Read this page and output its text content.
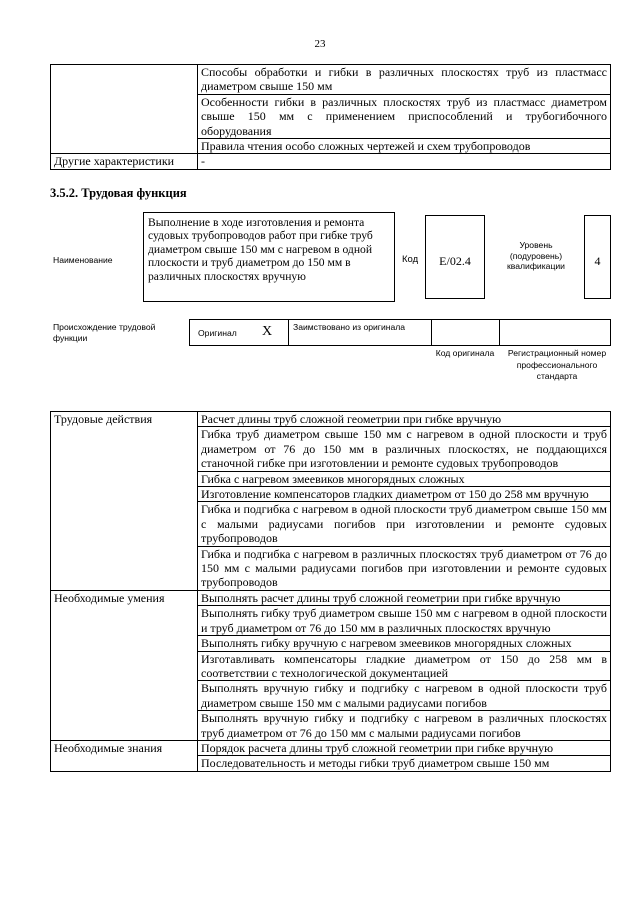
23
	Способы обработки и гибки в различных плоскостях труб из пластмасс диаметром свыше 150 мм
	Особенности гибки в различных плоскостях труб из пластмасс диаметром свыше 150 мм с применением приспособлений и трубогибочного оборудования
	Правила чтения особо сложных чертежей и схем трубопроводов
Другие характеристики	-
3.5.2. Трудовая функция
Наименование
Выполнение в ходе изготовления и ремонта судовых трубопроводов работ при гибке труб диаметром свыше 150 мм с нагревом в одной плоскости и труб диаметром до 150 мм в различных плоскостях вручную
Код	E/02.4
Уровень (подуровень) квалификации	4
Происхождение трудовой функции	Оригинал X Заимствовано из оригинала
Код оригинала	Регистрационный номер профессионального стандарта
Трудовые действия	Расчет длины труб сложной геометрии при гибке вручную
	Гибка труб диаметром свыше 150 мм с нагревом в одной плоскости и труб диаметром от 76 до 150 мм в различных плоскостях, не поддающихся станочной гибке при изготовлении и ремонте судовых трубопроводов
	Гибка с нагревом змеевиков многорядных сложных
	Изготовление компенсаторов гладких диаметром от 150 до 258 мм вручную
	Гибка и подгибка с нагревом в одной плоскости труб диаметром свыше 150 мм с малыми радиусами погибов при изготовлении и ремонте судовых трубопроводов
	Гибка и подгибка с нагревом в различных плоскостях труб диаметром от 76 до 150 мм с малыми радиусами погибов при изготовлении и ремонте судовых трубопроводов
Необходимые умения	Выполнять расчет длины труб сложной геометрии при гибке вручную
	Выполнять гибку труб диаметром свыше 150 мм с нагревом в одной плоскости и труб диаметром от 76 до 150 мм в различных плоскостях вручную
	Выполнять гибку вручную с нагревом змеевиков многорядных сложных
	Изготавливать компенсаторы гладкие диаметром от 150 до 258 мм в соответствии с технологической документацией
	Выполнять вручную гибку и подгибку с нагревом в одной плоскости труб диаметром свыше 150 мм с малыми радиусами погибов
	Выполнять вручную гибку и подгибку с нагревом в различных плоскостях труб диаметром от 76 до 150 мм с малыми радиусами погибов
Необходимые знания	Порядок расчета длины труб сложной геометрии при гибке вручную
	Последовательность и методы гибки труб диаметром свыше 150 мм
